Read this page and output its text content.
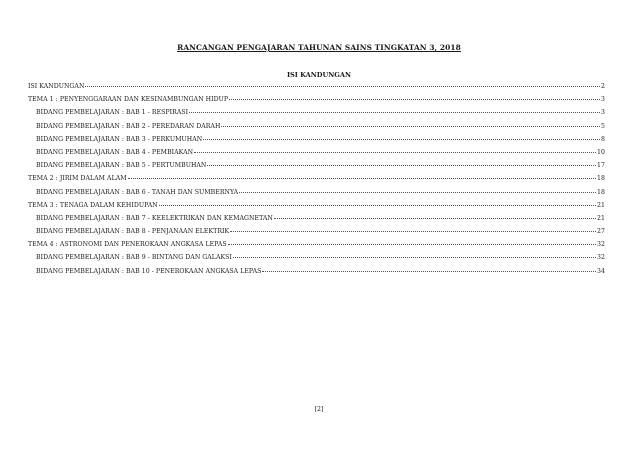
RANCANGAN PENGAJARAN TAHUNAN SAINS TINGKATAN 3, 2018
ISI KANDUNGAN
ISI KANDUNGAN	2
TEMA 1 : PENYENGGARAAN DAN KESINAMBUNGAN HIDUP	3
BIDANG PEMBELAJARAN : BAB 1 - RESPIRASI	3
BIDANG PEMBELAJARAN : BAB 2 - PEREDARAN DARAH	5
BIDANG PEMBELAJARAN : BAB 3 - PERKUMUHAN	8
BIDANG PEMBELAJARAN : BAB 4 - PEMBIAKAN	10
BIDANG PEMBELAJARAN : BAB 5 - PERTUMBUHAN	17
TEMA 2 : JIRIM DALAM ALAM	18
BIDANG PEMBELAJARAN : BAB 6 - TANAH DAN SUMBERNYA	18
TEMA 3 : TENAGA DALAM KEHIDUPAN	21
BIDANG PEMBELAJARAN : BAB 7 - KEELEKTRIKAN DAN KEMAGNETAN	21
BIDANG PEMBELAJARAN : BAB 8 - PENJANAAN ELEKTRIK	27
TEMA 4 : ASTRONOMI DAN PENEROKAAN ANGKASA LEPAS	32
BIDANG PEMBELAJARAN : BAB 9 - BINTANG DAN GALAKSI	32
BIDANG PEMBELAJARAN : BAB 10 - PENEROKAAN ANGKASA LEPAS	34
[2]
